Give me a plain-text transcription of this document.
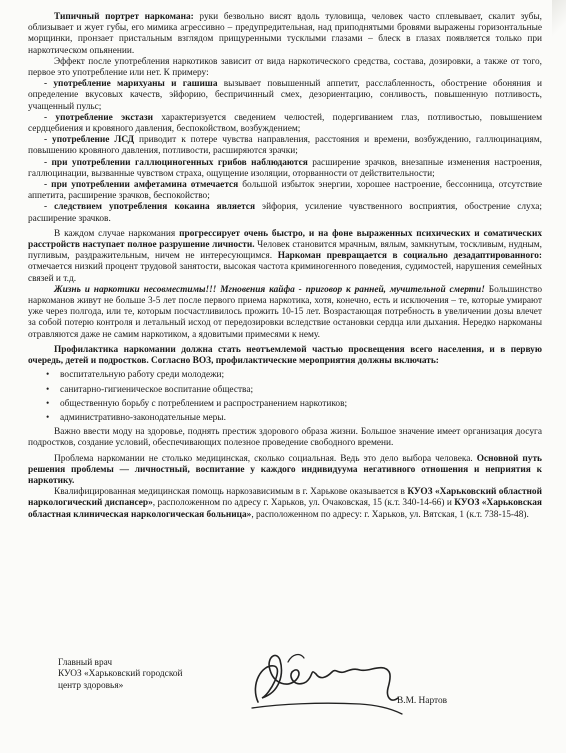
Типичный портрет наркомана: руки безвольно висят вдоль туловища, человек часто сплевывает, скалит зубы, облизывает и жует губы, его мимика агрессивно – предупредительная, над приподнятыми бровями выражены горизонтальные морщинки, пронзает пристальным взглядом прищуренными тусклыми глазами – блеск в глазах появляется только при наркотическом опьянении.

Эффект после употребления наркотиков зависит от вида наркотического средства, состава, дозировки, а также от того, первое это употребление или нет. К примеру:

- употребление марихуаны и гашиша вызывает повышенный аппетит, расслабленность, обострение обоняния и определение вкусовых качеств, эйфорию, беспричинный смех, дезориентацию, сонливость, повышенную потливость, учащенный пульс;

- употребление экстази характеризуется сведением челюстей, подергиванием глаз, потливостью, повышением сердцебиения и кровяного давления, беспокойством, возбуждением;

- употребление ЛСД приводит к потере чувства направления, расстояния и времени, возбуждению, галлюцинациям, повышению кровяного давления, потливости, расширяются зрачки;

- при употреблении галлюциногенных грибов наблюдаются расширение зрачков, внезапные изменения настроения, галлюцинации, вызванные чувством страха, ощущение изоляции, оторванности от действительности;

- при употреблении амфетамина отмечается большой избыток энергии, хорошее настроение, бессонница, отсутствие аппетита, расширение зрачков, беспокойство;

- следствием употребления кокаина является эйфория, усиление чувственного восприятия, обострение слуха; расширение зрачков.

В каждом случае наркомания прогрессирует очень быстро, и на фоне выраженных психических и соматических расстройств наступает полное разрушение личности. Человек становится мрачным, вялым, замкнутым, тоскливым, нудным, пугливым, раздражительным, ничем не интересующимся. Наркоман превращается в социально дезадаптированного: отмечается низкий процент трудовой занятости, высокая частота криминогенного поведения, судимостей, нарушения семейных связей и т.д.

Жизнь и наркотики несовместимы!!! Мгновения кайфа - приговор к ранней, мучительной смерти! Большинство наркоманов живут не больше 3-5 лет после первого приема наркотика, хотя, конечно, есть и исключения – те, которые умирают уже через полгода, или те, которым посчастливилось прожить 10-15 лет. Возрастающая потребность в увеличении дозы влечет за собой потерю контроля и летальный исход от передозировки вследствие остановки сердца или дыхания. Нередко наркоманы отравляются даже не самим наркотиком, а ядовитыми примесями к нему.

Профилактика наркомании должна стать неотъемлемой частью просвещения всего населения, и в первую очередь, детей и подростков. Согласно ВОЗ, профилактические мероприятия должны включать:

• воспитательную работу среди молодежи;
• санитарно-гигиеническое воспитание общества;
• общественную борьбу с потреблением и распространением наркотиков;
• административно-законодательные меры.

Важно ввести моду на здоровье, поднять престиж здорового образа жизни. Большое значение имеет организация досуга подростков, создание условий, обеспечивающих полезное проведение свободного времени.

Проблема наркомании не столько медицинская, сколько социальная. Ведь это дело выбора человека. Основной путь решения проблемы — личностный, воспитание у каждого индивидуума негативного отношения и неприятия к наркотику.

Квалифицированная медицинская помощь наркозависимым в г. Харькове оказывается в КУОЗ «Харьковский областной наркологический диспансер», расположенном по адресу г. Харьков, ул. Очаковская, 15 (к.т. 340-14-66) и КУОЗ «Харьковская областная клиническая наркологическая больница», расположенном по адресу: г. Харьков, ул. Вятская, 1 (к.т. 738-15-48).

Главный врач
КУОЗ «Харьковский городской
центр здоровья»
В.М. Нартов
